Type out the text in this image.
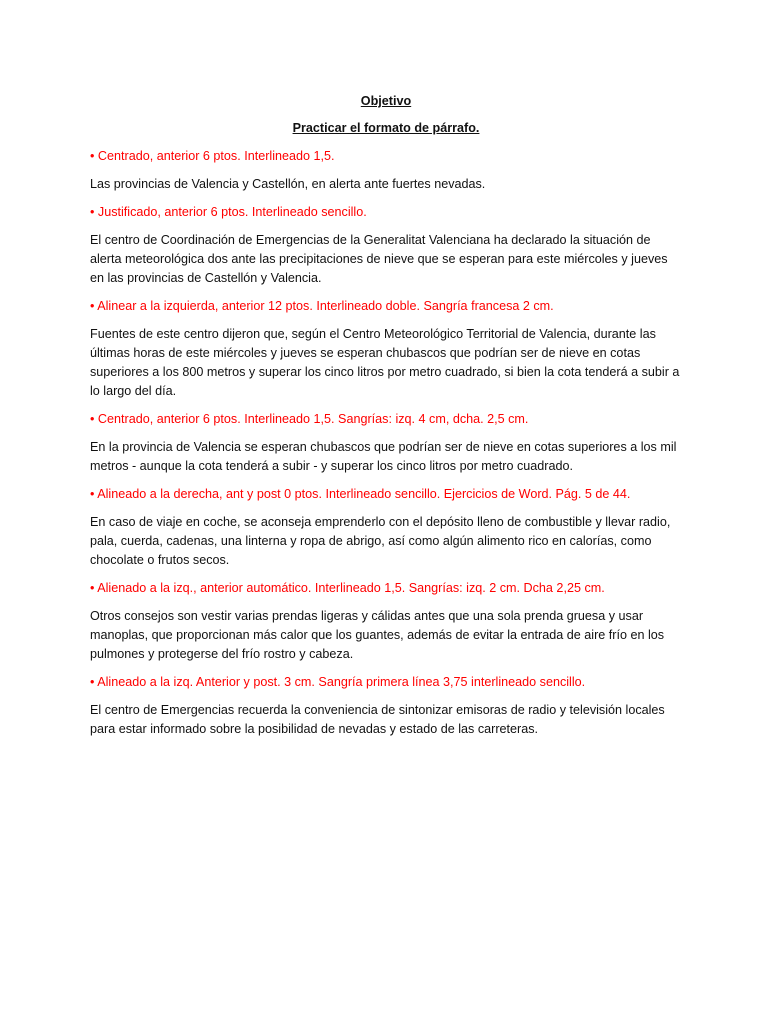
Objetivo

Practicar el formato de párrafo.

• Centrado, anterior 6 ptos. Interlineado 1,5.

Las provincias de Valencia y Castellón, en alerta ante fuertes nevadas.

• Justificado, anterior 6 ptos. Interlineado sencillo.

El centro de Coordinación de Emergencias de la Generalitat Valenciana ha declarado la situación de alerta meteorológica dos ante las precipitaciones de nieve que se esperan para este miércoles y jueves en las provincias de Castellón y Valencia.

• Alinear a la izquierda, anterior 12 ptos. Interlineado doble. Sangría francesa 2 cm.

Fuentes de este centro dijeron que, según el Centro Meteorológico Territorial de Valencia, durante las últimas horas de este miércoles y jueves se esperan chubascos que podrían ser de nieve en cotas superiores a los 800 metros y superar los cinco litros por metro cuadrado, si bien la cota tenderá a subir a lo largo del día.

• Centrado, anterior 6 ptos. Interlineado 1,5. Sangrías: izq. 4 cm, dcha. 2,5 cm.

En la provincia de Valencia se esperan chubascos que podrían ser de nieve en cotas superiores a los mil metros - aunque la cota tenderá a subir - y superar los cinco litros por metro cuadrado.

• Alineado a la derecha, ant y post 0 ptos. Interlineado sencillo. Ejercicios de Word. Pág. 5 de 44.

En caso de viaje en coche, se aconseja emprenderlo con el depósito lleno de combustible y llevar radio, pala, cuerda, cadenas, una linterna y ropa de abrigo, así como algún alimento rico en calorías, como chocolate o frutos secos.

• Alienado a la izq., anterior automático. Interlineado 1,5. Sangrías: izq. 2 cm. Dcha 2,25 cm.

Otros consejos son vestir varias prendas ligeras y cálidas antes que una sola prenda gruesa y usar manoplas, que proporcionan más calor que los guantes, además de evitar la entrada de aire frío en los pulmones y protegerse del frío rostro y cabeza.

• Alineado a la izq. Anterior y post. 3 cm. Sangría primera línea 3,75 interlineado sencillo.

El centro de Emergencias recuerda la conveniencia de sintonizar emisoras de radio y televisión locales para estar informado sobre la posibilidad de nevadas y estado de las carreteras.
